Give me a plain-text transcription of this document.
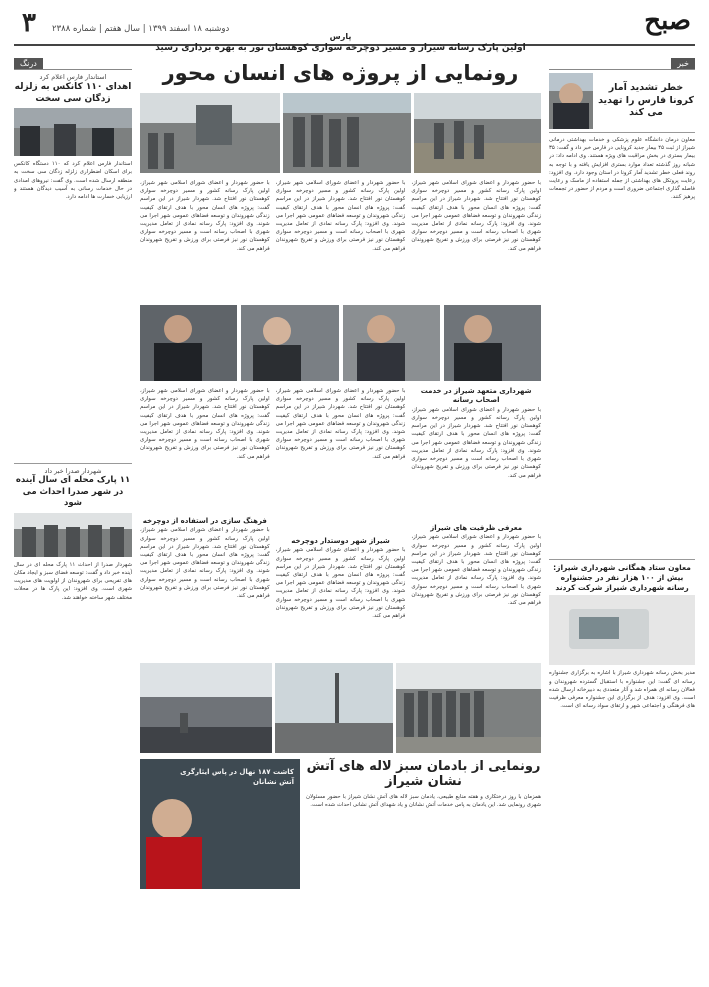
صبح
۳ دوشنبه ۱۸ اسفند ۱۳۹۹ | سال هفتم | شماره ۲۳۸۸
خبر
خطر تشدید آمار کرونا فارس را تهدید می کند
معاون درمان دانشگاه علوم پزشکی و خدمات بهداشتی درمانی شیراز از ثبت ۴۵ بیمار جدید کرونایی در فارس خبر داد و گفت: ۳۵ بیمار بستری در بخش مراقبت های ویژه هستند. وی ادامه داد: در شبانه روز گذشته تعداد موارد بستری افزایش یافته و با توجه به روند فعلی خطر تشدید آمار کرونا در استان وجود دارد. وی افزود: رعایت پروتکل های بهداشتی از جمله استفاده از ماسک و رعایت فاصله گذاری اجتماعی ضروری است و مردم از حضور در تجمعات پرهیز کنند.
معاون ستاد همگانی شهرداری شیراز: بیش از ۱۰۰ هزار نفر در جشنواره رسانه شهرداری شیراز شرکت کردند
مدیر بخش رسانه شهرداری شیراز با اشاره به برگزاری جشنواره رسانه ای گفت: این جشنواره با استقبال گسترده شهروندان و فعالان رسانه ای همراه شد و آثار متعددی به دبیرخانه ارسال شده است. وی افزود: هدف از برگزاری این جشنواره معرفی ظرفیت های فرهنگی و اجتماعی شهر و ارتقای سواد رسانه ای است.
درنگ
استاندار فارس اعلام کرد
اهدای ۱۱۰ کانکس به زلزله زدگان سی سخت
استاندار فارس اعلام کرد که ۱۱۰ دستگاه کانکس برای اسکان اضطراری زلزله زدگان سی سخت به منطقه ارسال شده است. وی گفت: نیروهای امدادی در حال خدمات رسانی به آسیب دیدگان هستند و ارزیابی خسارت ها ادامه دارد.
شهردار صدرا خبر داد
۱۱ پارک محله ای سال آینده در شهر صدرا احداث می شود
شهردار صدرا از احداث ۱۱ پارک محله ای در سال آینده خبر داد و گفت: توسعه فضای سبز و ایجاد مکان های تفریحی برای شهروندان از اولویت های مدیریت شهری است. وی افزود: این پارک ها در محلات مختلف شهر ساخته خواهند شد.
پارس
اولین پارک رسانه شیراز و مسیر دوچرخه سواری کوهستان نور به بهره برداری رسید
رونمایی از پروژه های انسان محور
با حضور شهردار و اعضای شورای اسلامی شهر شیراز، اولین پارک رسانه کشور و مسیر دوچرخه سواری کوهستان نور افتتاح شد. شهردار شیراز در این مراسم گفت: پروژه های انسان محور با هدف ارتقای کیفیت زندگی شهروندان و توسعه فضاهای عمومی شهر اجرا می شوند. وی افزود: پارک رسانه نمادی از تعامل مدیریت شهری با اصحاب رسانه است و مسیر دوچرخه سواری کوهستان نور نیز فرصتی برای ورزش و تفریح شهروندان فراهم می کند.
با حضور شهردار و اعضای شورای اسلامی شهر شیراز، اولین پارک رسانه کشور و مسیر دوچرخه سواری کوهستان نور افتتاح شد. شهردار شیراز در این مراسم گفت: پروژه های انسان محور با هدف ارتقای کیفیت زندگی شهروندان و توسعه فضاهای عمومی شهر اجرا می شوند. وی افزود: پارک رسانه نمادی از تعامل مدیریت شهری با اصحاب رسانه است و مسیر دوچرخه سواری کوهستان نور نیز فرصتی برای ورزش و تفریح شهروندان فراهم می کند.
با حضور شهردار و اعضای شورای اسلامی شهر شیراز، اولین پارک رسانه کشور و مسیر دوچرخه سواری کوهستان نور افتتاح شد. شهردار شیراز در این مراسم گفت: پروژه های انسان محور با هدف ارتقای کیفیت زندگی شهروندان و توسعه فضاهای عمومی شهر اجرا می شوند. وی افزود: پارک رسانه نمادی از تعامل مدیریت شهری با اصحاب رسانه است و مسیر دوچرخه سواری کوهستان نور نیز فرصتی برای ورزش و تفریح شهروندان فراهم می کند.
شهرداری متعهد شیراز در خدمت اصحاب رسانه
با حضور شهردار و اعضای شورای اسلامی شهر شیراز، اولین پارک رسانه کشور و مسیر دوچرخه سواری کوهستان نور افتتاح شد. شهردار شیراز در این مراسم گفت: پروژه های انسان محور با هدف ارتقای کیفیت زندگی شهروندان و توسعه فضاهای عمومی شهر اجرا می شوند. وی افزود: پارک رسانه نمادی از تعامل مدیریت شهری با اصحاب رسانه است و مسیر دوچرخه سواری کوهستان نور نیز فرصتی برای ورزش و تفریح شهروندان فراهم می کند.
معرفی ظرفیت های شیراز
با حضور شهردار و اعضای شورای اسلامی شهر شیراز، اولین پارک رسانه کشور و مسیر دوچرخه سواری کوهستان نور افتتاح شد. شهردار شیراز در این مراسم گفت: پروژه های انسان محور با هدف ارتقای کیفیت زندگی شهروندان و توسعه فضاهای عمومی شهر اجرا می شوند. وی افزود: پارک رسانه نمادی از تعامل مدیریت شهری با اصحاب رسانه است و مسیر دوچرخه سواری کوهستان نور نیز فرصتی برای ورزش و تفریح شهروندان فراهم می کند.
با حضور شهردار و اعضای شورای اسلامی شهر شیراز، اولین پارک رسانه کشور و مسیر دوچرخه سواری کوهستان نور افتتاح شد. شهردار شیراز در این مراسم گفت: پروژه های انسان محور با هدف ارتقای کیفیت زندگی شهروندان و توسعه فضاهای عمومی شهر اجرا می شوند. وی افزود: پارک رسانه نمادی از تعامل مدیریت شهری با اصحاب رسانه است و مسیر دوچرخه سواری کوهستان نور نیز فرصتی برای ورزش و تفریح شهروندان فراهم می کند.
شیراز شهر دوستدار دوچرخه
با حضور شهردار و اعضای شورای اسلامی شهر شیراز، اولین پارک رسانه کشور و مسیر دوچرخه سواری کوهستان نور افتتاح شد. شهردار شیراز در این مراسم گفت: پروژه های انسان محور با هدف ارتقای کیفیت زندگی شهروندان و توسعه فضاهای عمومی شهر اجرا می شوند. وی افزود: پارک رسانه نمادی از تعامل مدیریت شهری با اصحاب رسانه است و مسیر دوچرخه سواری کوهستان نور نیز فرصتی برای ورزش و تفریح شهروندان فراهم می کند.
با حضور شهردار و اعضای شورای اسلامی شهر شیراز، اولین پارک رسانه کشور و مسیر دوچرخه سواری کوهستان نور افتتاح شد. شهردار شیراز در این مراسم گفت: پروژه های انسان محور با هدف ارتقای کیفیت زندگی شهروندان و توسعه فضاهای عمومی شهر اجرا می شوند. وی افزود: پارک رسانه نمادی از تعامل مدیریت شهری با اصحاب رسانه است و مسیر دوچرخه سواری کوهستان نور نیز فرصتی برای ورزش و تفریح شهروندان فراهم می کند.
فرهنگ سازی در استفاده از دوچرخه
با حضور شهردار و اعضای شورای اسلامی شهر شیراز، اولین پارک رسانه کشور و مسیر دوچرخه سواری کوهستان نور افتتاح شد. شهردار شیراز در این مراسم گفت: پروژه های انسان محور با هدف ارتقای کیفیت زندگی شهروندان و توسعه فضاهای عمومی شهر اجرا می شوند. وی افزود: پارک رسانه نمادی از تعامل مدیریت شهری با اصحاب رسانه است و مسیر دوچرخه سواری کوهستان نور نیز فرصتی برای ورزش و تفریح شهروندان فراهم می کند.
رونمایی از بادمان سبز لاله های آتش نشان شیراز
همزمان با روز درختکاری و هفته منابع طبیعی، یادمان سبز لاله های آتش نشان شیراز با حضور مسئولان شهری رونمایی شد. این یادمان به پاس خدمات آتش نشانان و یاد شهدای آتش نشانی احداث شده است.
کاشت ۱۸۷ نهال در پاس ایثارگری آتش نشانان
